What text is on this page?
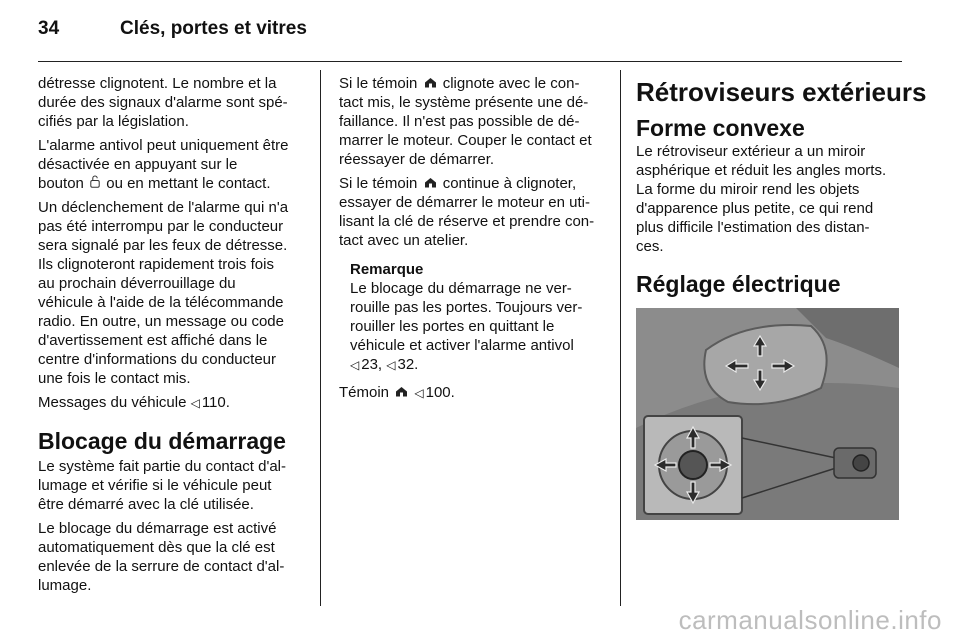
34	Clés, portes et vitres
détresse clignotent. Le nombre et la
durée des signaux d'alarme sont spé-
cifiés par la législation.
L'alarme antivol peut uniquement être
désactivée en appuyant sur le
bouton ou en mettant le contact.
Un déclenchement de l'alarme qui n'a
pas été interrompu par le conducteur
sera signalé par les feux de détresse.
Ils clignoteront rapidement trois fois
au prochain déverrouillage du
véhicule à l'aide de la télécommande
radio. En outre, un message ou code
d'avertissement est affiché dans le
centre d'informations du conducteur
une fois le contact mis.
Messages du véhicule ◁ 110.
Blocage du démarrage
Le système fait partie du contact d'al-
lumage et vérifie si le véhicule peut
être démarré avec la clé utilisée.
Le blocage du démarrage est activé
automatiquement dès que la clé est
enlevée de la serrure de contact d'al-
lumage.
Si le témoin clignote avec le con-
tact mis, le système présente une dé-
faillance. Il n'est pas possible de dé-
marrer le moteur. Couper le contact et
réessayer de démarrer.
Si le témoin continue à clignoter,
essayer de démarrer le moteur en uti-
lisant la clé de réserve et prendre con-
tact avec un atelier.
Remarque
Le blocage du démarrage ne ver-
rouille pas les portes. Toujours ver-
rouiller les portes en quittant le
véhicule et activer l'alarme antivol
◁ 23, ◁ 32.
Témoin ◁ 100.
Rétroviseurs extérieurs
Forme convexe
Le rétroviseur extérieur a un miroir
asphérique et réduit les angles morts.
La forme du miroir rend les objets
d'apparence plus petite, ce qui rend
plus difficile l'estimation des distan-
ces.
Réglage électrique
carmanualsonline.info
